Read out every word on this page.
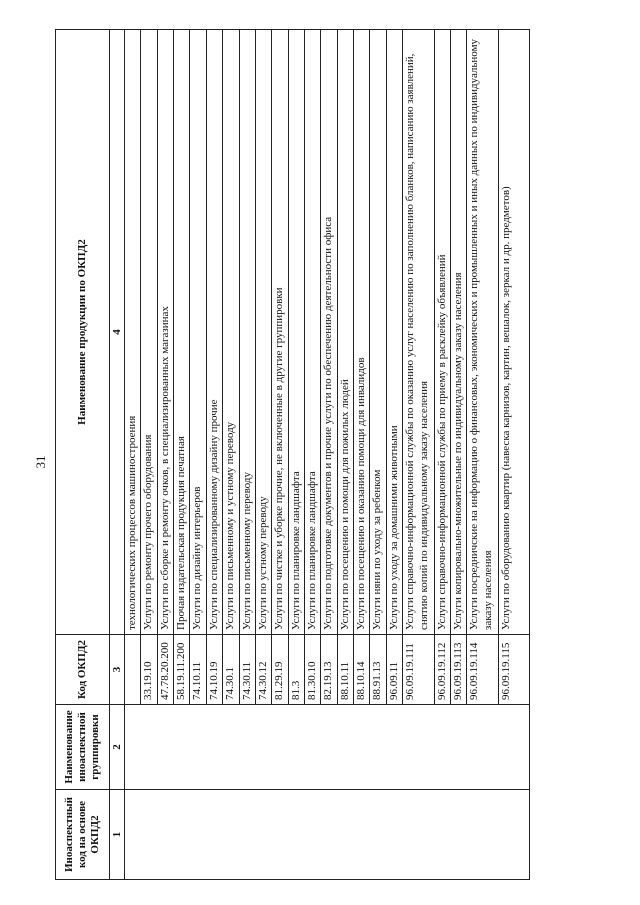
31
Иноаспектный код на основе ОКПД2	Наименование иноаспектной группировки	Код ОКПД2	Наименование продукции по ОКПД2
1	2	3	4
			технологических процессов машиностроения
		33.19.10	Услуги по ремонту прочего оборудования
		47.78.20.200	Услуги по сборке и ремонту очков, в специализированных магазинах
		58.19.11.200	Прочая издательская продукция печатная
		74.10.11	Услуги по дизайну интерьеров
		74.10.19	Услуги по специализированному дизайну прочие
		74.30.1	Услуги по письменному и устному переводу
		74.30.11	Услуги по письменному переводу
		74.30.12	Услуги по устному переводу
		81.29.19	Услуги по чистке и уборке прочие, не включенные в другие группировки
		81.3	Услуги по планировке ландшафта
		81.30.10	Услуги по планировке ландшафта
		82.19.13	Услуги по подготовке документов и прочие услуги по обеспечению деятельности офиса
		88.10.11	Услуги по посещению и помощи для пожилых людей
		88.10.14	Услуги по посещению и оказанию помощи для инвалидов
		88.91.13	Услуги няни по уходу за ребенком
		96.09.11	Услуги по уходу за домашними животными
		96.09.19.111	Услуги справочно-информационной службы по оказанию услуг населению по заполнению бланков, написанию заявлений, снятию копий по индивидуальному заказу населения
		96.09.19.112	Услуги справочно-информационной службы по приему в расклейку объявлений
		96.09.19.113	Услуги копировально-множительные по индивидуальному заказу населения
		96.09.19.114	Услуги посредничские на информацию о финансовых, экономических и промышленных и иных данных по индивидуальному заказу населения
		96.09.19.115	Услуги по оборудованию квартир (навеска карнизов, картин, вешалок, зеркал и др. предметов)
